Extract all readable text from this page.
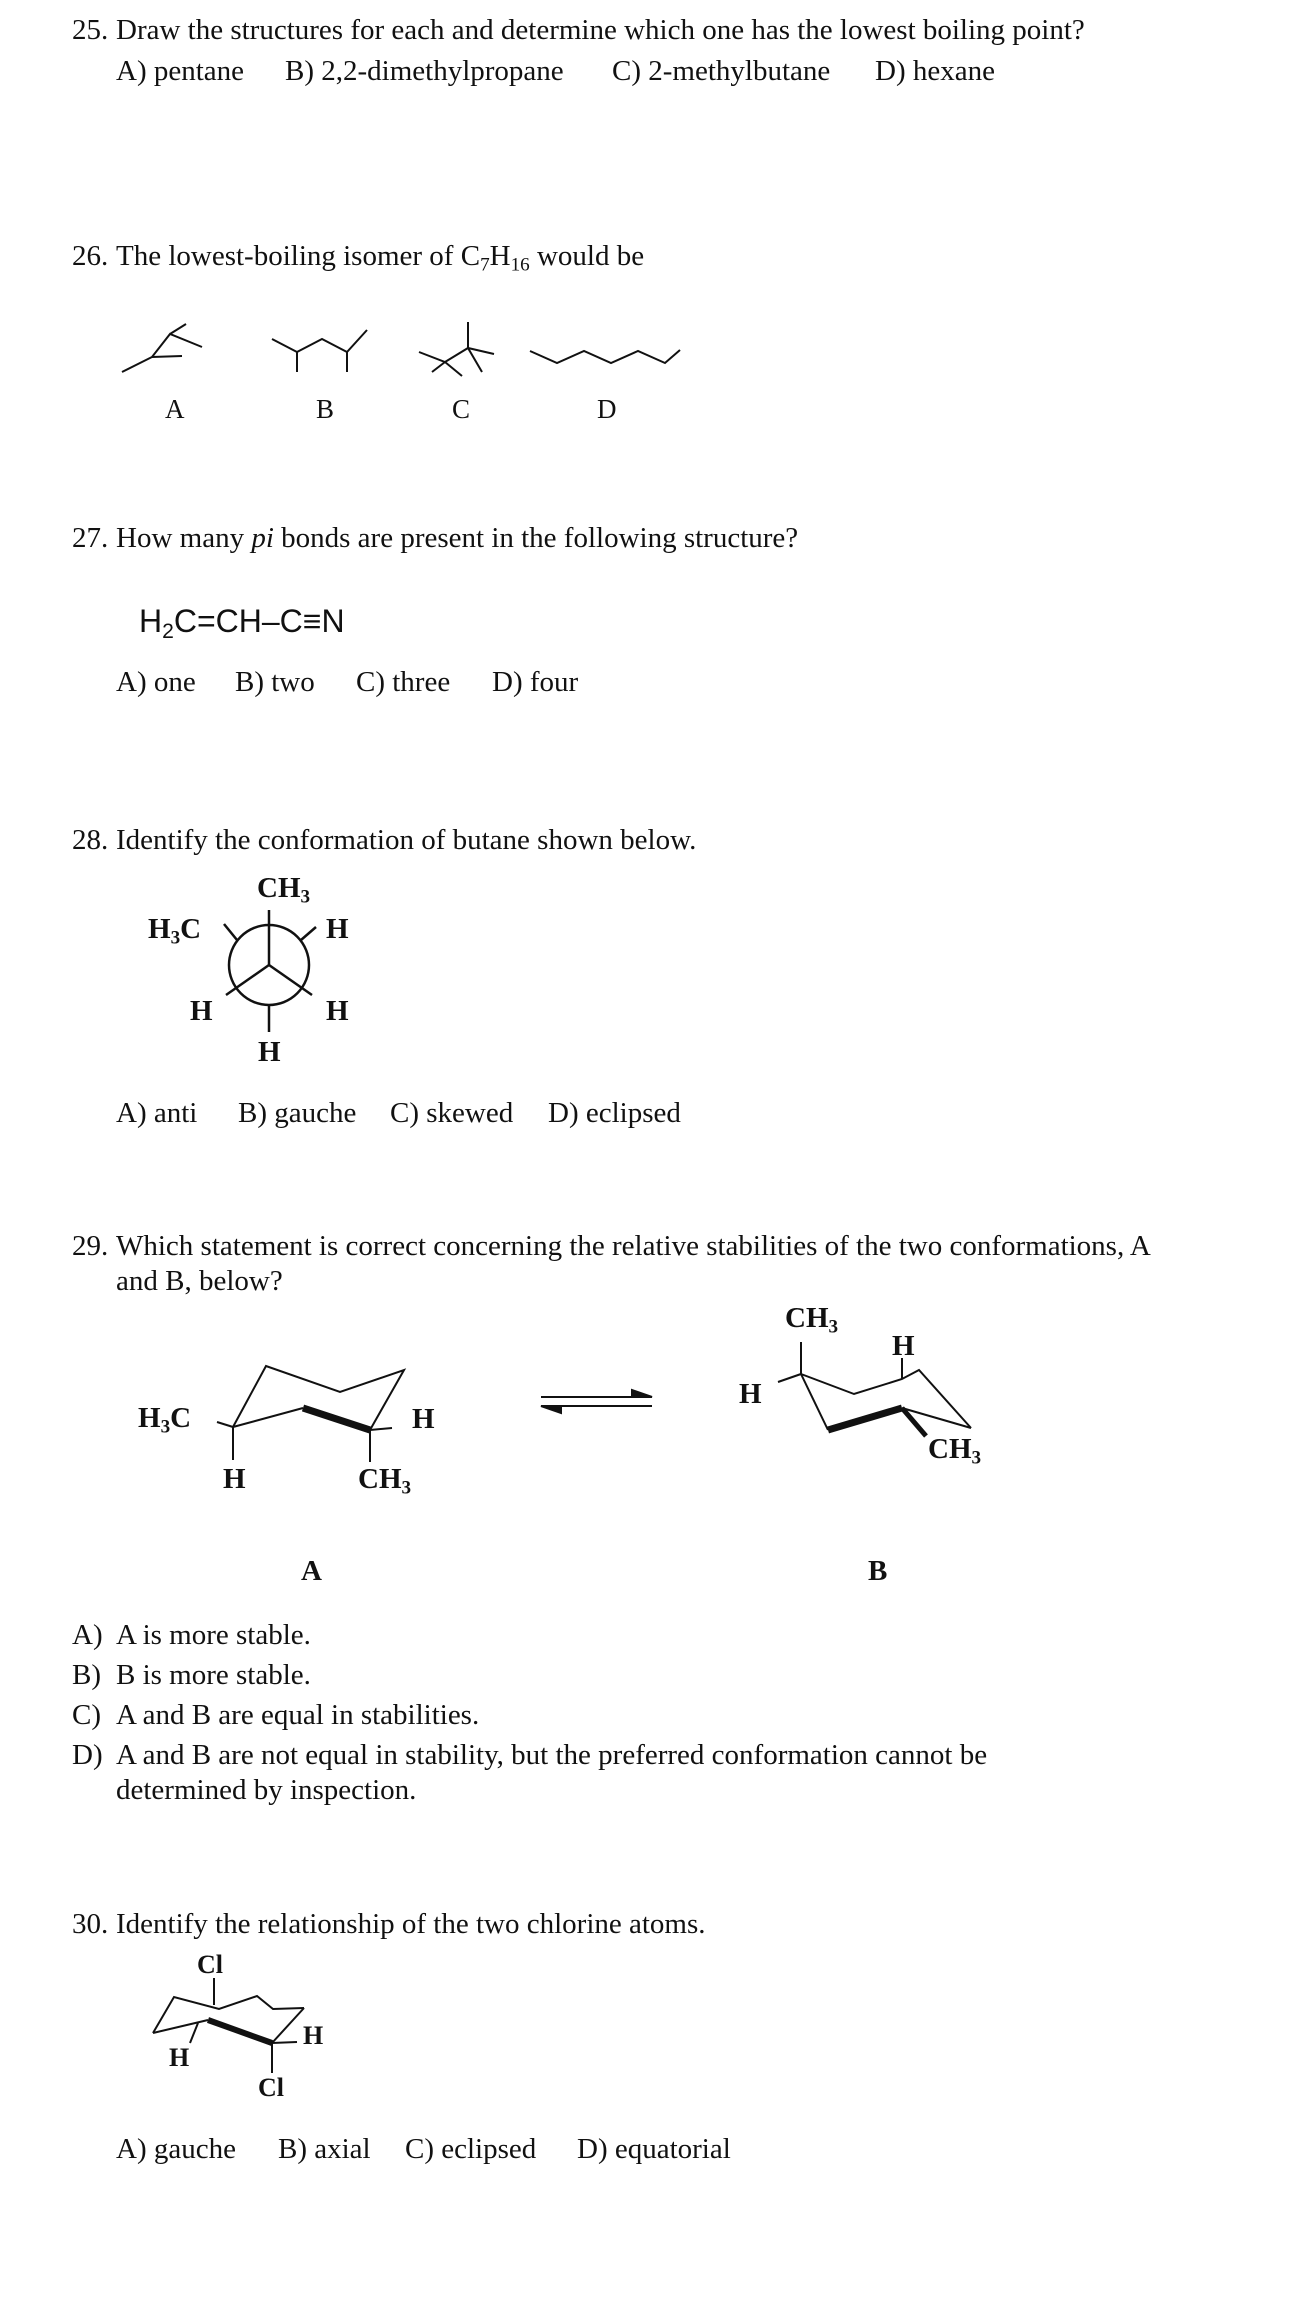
25. Draw the structures for each and determine which one has the lowest boiling point?
A) pentane B) 2,2-dimethylpropane C) 2-methylbutane D) hexane
26. The lowest-boiling isomer of $C_7H_{16}$ would be
A	B	C	D
27. How many pi bonds are present in the following structure?
$H_2C=CH-C\equiv N$
A) one B) two C) three D) four
28. Identify the conformation of butane shown below.
$CH_3$
$H_3C$	H
H	H
H
A) anti B) gauche C) skewed D) eclipsed
29. Which statement is correct concerning the relative stabilities of the two conformations, A
and B, below?
$H_3C$
H
H
$CH_3$
$CH_3$
H
H
$CH_3$
A	B
A) A is more stable.
B) B is more stable.
C) A and B are equal in stabilities.
D) A and B are not equal in stability, but the preferred conformation cannot be
determined by inspection.
30. Identify the relationship of the two chlorine atoms.
Cl
H
H
Cl
A) gauche B) axial C) eclipsed D) equatorial
